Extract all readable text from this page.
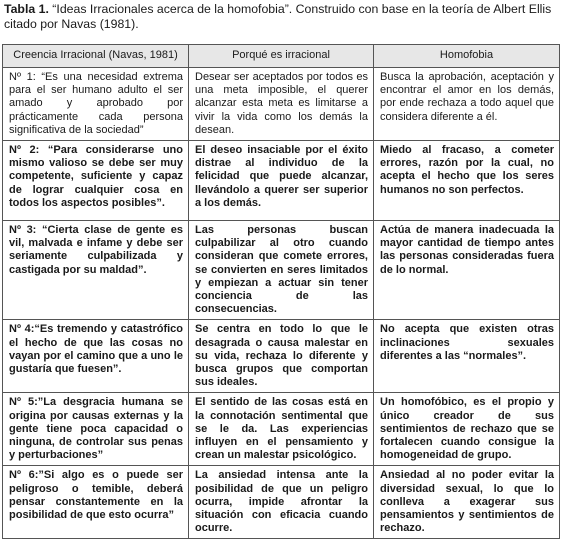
Tabla 1. “Ideas Irracionales acerca de la homofobia”. Construido con base en la teoría de Albert Ellis citado por Navas (1981).
Creencia Irracional (Navas, 1981)	Porqué es irracional	Homofobia
Nº 1: “Es una necesidad extrema para el ser humano adulto el ser amado y aprobado por prácticamente cada persona significativa de la sociedad”	Desear ser aceptados por todos es una meta imposible, el querer alcanzar esta meta es limitarse a vivir la vida como los demás la desean.	Busca la aprobación, aceptación y encontrar el amor en los demás, por ende rechaza a todo aquel que considera diferente a él.
Nº 2: “Para considerarse uno mismo valioso se debe ser muy competente, suficiente y capaz de lograr cualquier cosa en todos los aspectos posibles”.	El deseo insaciable por el éxito distrae al individuo de la felicidad que puede alcanzar, llevándolo a querer ser superior a los demás.	Miedo al fracaso, a cometer errores, razón por la cual, no acepta el hecho que los seres humanos no son perfectos.
Nº 3: “Cierta clase de gente es vil, malvada e infame y debe ser seriamente culpabilizada y castigada por su maldad”.	Las personas buscan culpabilizar al otro cuando consideran que comete errores, se convierten en seres limitados y empiezan a actuar sin tener conciencia de las consecuencias.	Actúa de manera inadecuada la mayor cantidad de tiempo antes las personas consideradas fuera de lo normal.
Nº 4:“Es tremendo y catastrófico el hecho de que las cosas no vayan por el camino que a uno le gustaría que fuesen”.	Se centra en todo lo que le desagrada o causa malestar en su vida, rechaza lo diferente y busca grupos que comportan sus ideales.	No acepta que existen otras inclinaciones sexuales diferentes a las “normales”.
Nº 5:”La desgracia humana se origina por causas externas y la gente tiene poca capacidad o ninguna, de controlar sus penas y perturbaciones”	El sentido de las cosas está en la connotación sentimental que se le da. Las experiencias influyen en el pensamiento y crean un malestar psicológico.	Un homofóbico, es el propio y único creador de sus sentimientos de rechazo que se fortalecen cuando consigue la homogeneidad de grupo.
Nº 6:”Si algo es o puede ser peligroso o temible, deberá pensar constantemente en la posibilidad de que esto ocurra”	La ansiedad intensa ante la posibilidad de que un peligro ocurra, impide afrontar la situación con eficacia cuando ocurre.	Ansiedad al no poder evitar la diversidad sexual, lo que lo conlleva a exagerar sus pensamientos y sentimientos de rechazo.
